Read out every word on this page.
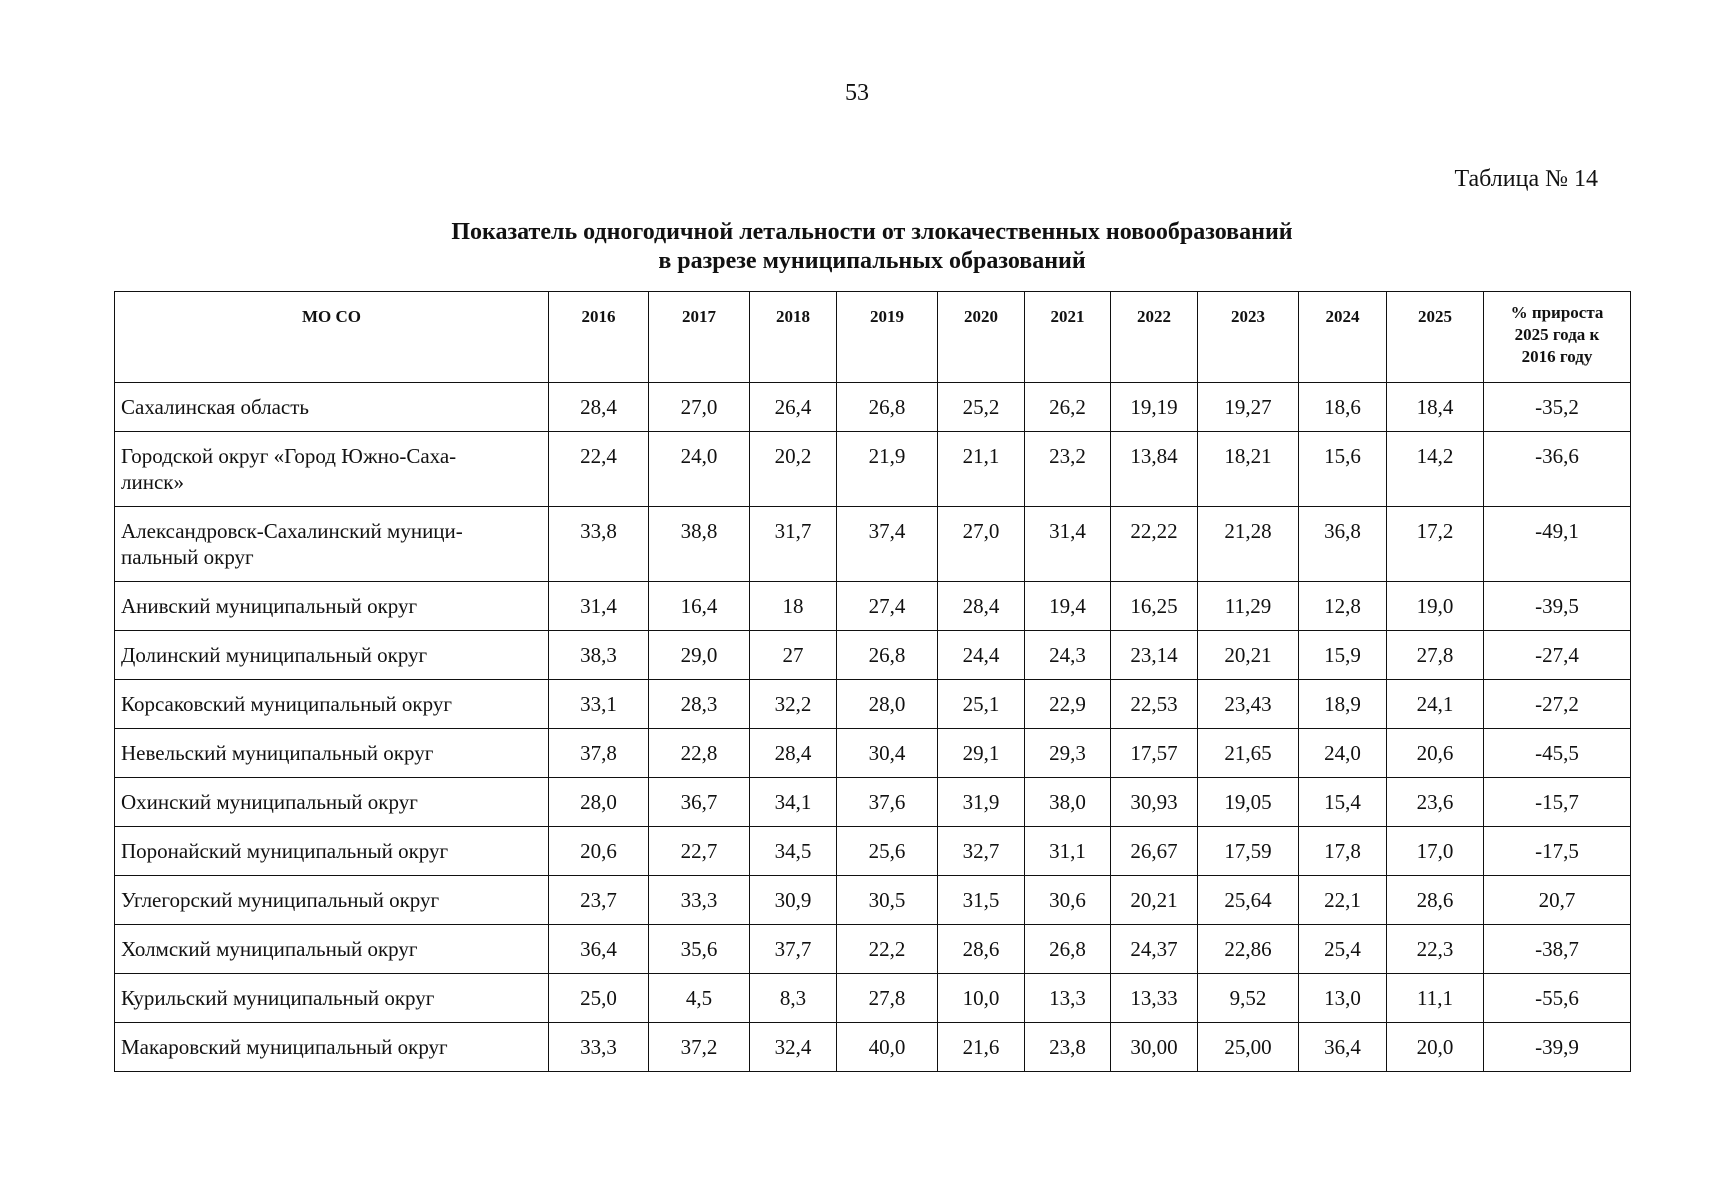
53
Таблица № 14
Показатель одногодичной летальности от злокачественных новообразований
в разрезе муниципальных образований
МО СО	2016	2017	2018	2019	2020	2021	2022	2023	2024	2025	% прироста
2025 года к
2016 году

Сахалинская область	28,4	27,0	26,4	26,8	25,2	26,2	19,19	19,27	18,6	18,4	-35,2

Городской округ «Город Южно-Саха-
линск»	22,4	24,0	20,2	21,9	21,1	23,2	13,84	18,21	15,6	14,2	-36,6

Александровск-Сахалинский муници-
пальный округ	33,8	38,8	31,7	37,4	27,0	31,4	22,22	21,28	36,8	17,2	-49,1

Анивский муниципальный округ	31,4	16,4	18	27,4	28,4	19,4	16,25	11,29	12,8	19,0	-39,5

Долинский муниципальный округ	38,3	29,0	27	26,8	24,4	24,3	23,14	20,21	15,9	27,8	-27,4

Корсаковский муниципальный округ	33,1	28,3	32,2	28,0	25,1	22,9	22,53	23,43	18,9	24,1	-27,2

Невельский муниципальный округ	37,8	22,8	28,4	30,4	29,1	29,3	17,57	21,65	24,0	20,6	-45,5

Охинский муниципальный округ	28,0	36,7	34,1	37,6	31,9	38,0	30,93	19,05	15,4	23,6	-15,7

Поронайский муниципальный округ	20,6	22,7	34,5	25,6	32,7	31,1	26,67	17,59	17,8	17,0	-17,5

Углегорский муниципальный округ	23,7	33,3	30,9	30,5	31,5	30,6	20,21	25,64	22,1	28,6	20,7

Холмский муниципальный округ	36,4	35,6	37,7	22,2	28,6	26,8	24,37	22,86	25,4	22,3	-38,7

Курильский муниципальный округ	25,0	4,5	8,3	27,8	10,0	13,3	13,33	9,52	13,0	11,1	-55,6

Макаровский муниципальный округ	33,3	37,2	32,4	40,0	21,6	23,8	30,00	25,00	36,4	20,0	-39,9
